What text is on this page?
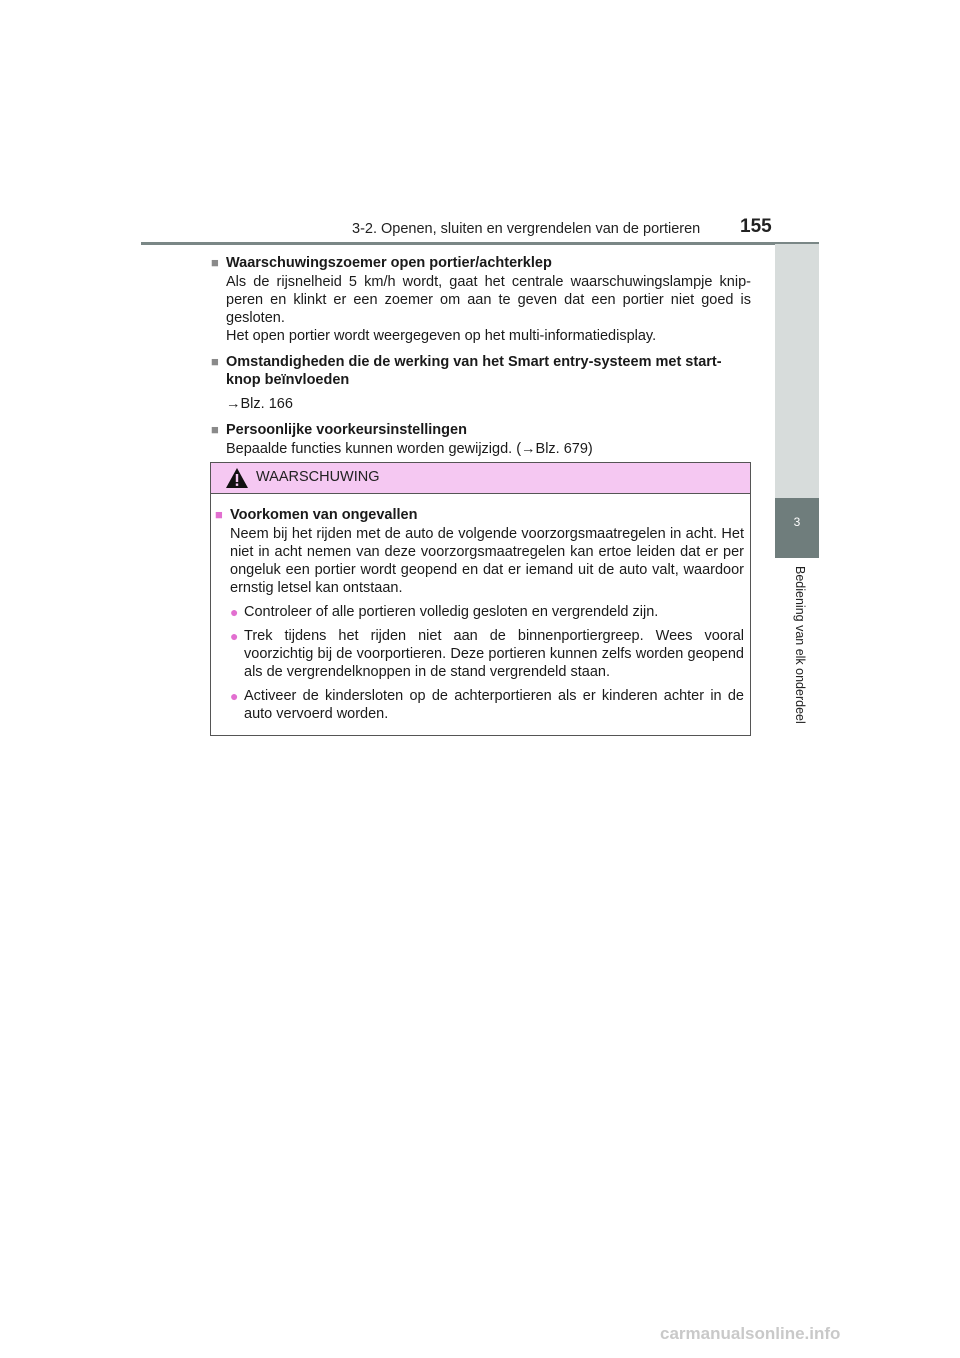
3-2. Openen, sluiten en vergrendelen van de portieren 155
3
Bediening van elk onderdeel
■ Waarschuwingszoemer open portier/achterklep

Als de rijsnelheid 5 km/h wordt, gaat het centrale waarschuwingslampje knip-peren en klinkt er een zoemer om aan te geven dat een portier niet goed is gesloten.

Het open portier wordt weergegeven op het multi-informatiedisplay.

■ Omstandigheden die de werking van het Smart entry-systeem met start-knop beïnvloeden
→Blz. 166
■ Persoonlijke voorkeursinstellingen

Bepaalde functies kunnen worden gewijzigd. (→Blz. 679)

WAARSCHUWING
■ Voorkomen van ongevallen

Neem bij het rijden met de auto de volgende voorzorgsmaatregelen in acht. Het niet in acht nemen van deze voorzorgsmaatregelen kan ertoe leiden dat er per ongeluk een portier wordt geopend en dat er iemand uit de auto valt, waardoor ernstig letsel kan ontstaan.

● Controleer of alle portieren volledig gesloten en vergrendeld zijn.
● Trek tijdens het rijden niet aan de binnenportiergreep. Wees vooral voorzichtig bij de voorportieren. Deze portieren kunnen zelfs worden geopend als de vergrendelknoppen in de stand vergrendeld staan.
● Activeer de kindersloten op de achterportieren als er kinderen achter in de auto vervoerd worden.
carmanualsonline.info
